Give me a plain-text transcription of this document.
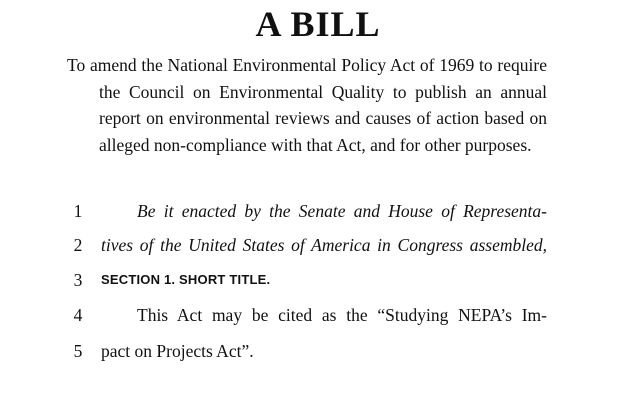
A BILL

To amend the National Environmental Policy Act of 1969 to require the Council on Environmental Quality to publish an annual report on environmental reviews and causes of action based on alleged non-compliance with that Act, and for other purposes.

1	Be it enacted by the Senate and House of Representa-
2	tives of the United States of America in Congress assembled,
3	SECTION 1. SHORT TITLE.
4	This Act may be cited as the “Studying NEPA’s Im-
5	pact on Projects Act”.
